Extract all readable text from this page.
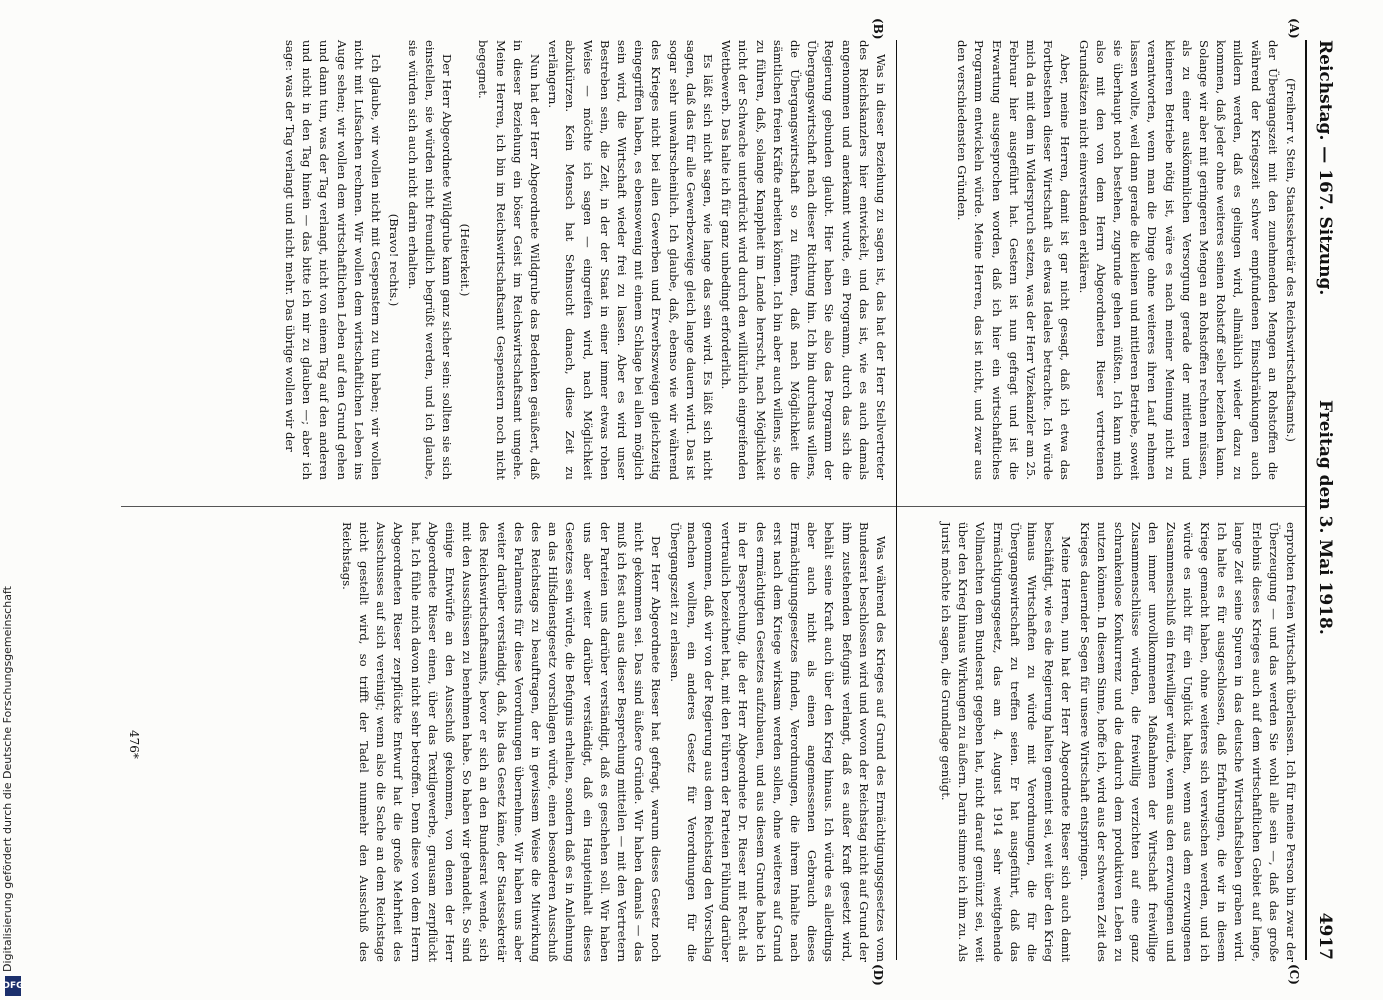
Digitalisierung gefördert durch die Deutsche Forschungsgemeinschaft
DFG
Reichstag. — 167. Sitzung.
Freitag den 3. Mai 1918.
4917
(A)
(B)
(C)
(D)

(Freiherr v. Stein, Staatssekretär des Reichswirtschaftsamts.)

der Übergangszeit mit den zunehmenden Mengen an Rohstoffen die während der Kriegszeit schwer empfundenen Einschränkungen auch mildern werden, daß es gelingen wird, allmählich wieder dazu zu kommen, daß jeder ohne weiteres seinen Rohstoff selber beziehen kann. Solange wir aber mit geringeren Mengen an Rohstoffen rechnen müssen, als zu einer auskömmlichen Versorgung gerade der mittleren und kleineren Betriebe nötig ist, wäre es nach meiner Meinung nicht zu verantworten, wenn man die Dinge ohne weiteres ihren Lauf nehmen lassen wollte, weil dann gerade die kleinen und mittleren Betriebe, soweit sie überhaupt noch bestehen, zugrunde gehen müßten. Ich kann mich also mit den von dem Herrn Abgeordneten Rieser vertretenen Grundsätzen nicht einverstanden erklären.

Aber, meine Herren, damit ist gar nicht gesagt, daß ich etwa das Fortbestehen dieser Wirtschaft als etwas Ideales betrachte. Ich würde mich da mit dem in Widerspruch setzen, was der Herr Vizekanzler am 25. Februar hier ausgeführt hat. Gestern ist nun gefragt und ist die Erwartung ausgesprochen worden, daß ich hier ein wirtschaftliches Programm entwickeln würde. Meine Herren, das ist nicht, und zwar aus den verschiedensten Gründen.

Was in dieser Beziehung zu sagen ist, das hat der Herr Stellvertreter des Reichskanzlers hier entwickelt, und das ist, wie es auch damals angenommen und anerkannt wurde, ein Programm, durch das sich die Regierung gebunden glaubt. Hier haben Sie also das Programm der Übergangswirtschaft nach dieser Richtung hin. Ich bin durchaus willens, die Übergangswirtschaft so zu führen, daß nach Möglichkeit die sämtlichen freien Kräfte arbeiten können. Ich bin aber auch willens, sie so zu führen, daß, solange Knappheit im Lande herrscht, nach Möglichkeit nicht der Schwache unterdrückt wird durch den willkürlich eingreifenden Wettbewerb. Das halte ich für ganz unbedingt erforderlich.

Es läßt sich nicht sagen, wie lange das sein wird. Es läßt sich nicht sagen, daß das für alle Gewerbezweige gleich lange dauern wird. Das ist sogar sehr unwahrscheinlich. Ich glaube, daß, ebenso wie wir während des Krieges nicht bei allen Gewerben und Erwerbszweigen gleichzeitig eingegriffen haben, es ebensowenig mit einem Schlage bei allen möglich sein wird, die Wirtschaft wieder frei zu lassen. Aber es wird unser Bestreben sein, die Zeit, in der der Staat in einer immer etwas rohen Weise — möchte ich sagen — eingreifen wird, nach Möglichkeit abzukürzen. Kein Mensch hat Sehnsucht danach, diese Zeit zu verlängern.

Nun hat der Herr Abgeordnete Wildgrube das Bedenken geäußert, daß in dieser Beziehung ein böser Geist im Reichswirtschaftsamt umgehe. Meine Herren, ich bin im Reichswirtschaftsamt Gespenstern noch nicht begegnet.

(Heiterkeit.)

Der Herr Abgeordnete Wildgrube kann ganz sicher sein: sollten sie sich einstellen, sie würden nicht freundlich begrüßt werden, und ich glaube, sie würden sich auch nicht darin erhalten.

(Bravo! rechts.)

Ich glaube, wir wollen nicht mit Gespenstern zu tun haben; wir wollen nicht mit Lufsachen rechnen. Wir wollen dem wirtschaftlichen Leben ins Auge sehen; wir wollen dem wirtschaftlichen Leben auf den Grund gehen und dann tun, was der Tag verlangt, nicht von einem Tag auf den anderen und nicht in den Tag hinein — das bitte ich mir zu glauben —; aber ich sage: was der Tag verlangt und nicht mehr. Das übrige wollen wir der

erprobten freien Wirtschaft überlassen. Ich für meine Person bin zwar der Überzeugung — und das werden Sie wohl alle sein —, daß das große Erlebnis dieses Krieges auch auf dem wirtschaftlichen Gebiet auf lange, lange Zeit seine Spuren in das deutsche Wirtschaftsleben graben wird. Ich halte es für ausgeschlossen, daß Erfahrungen, die wir in diesem Kriege gemacht haben, ohne weiteres sich verwischen werden, und ich würde es nicht für ein Unglück halten, wenn aus dem erzwungenen Zusammenschluß ein freiwilliger würde, wenn aus den erzwungenen und den immer unvollkommenen Maßnahmen der Wirtschaft freiwillige Zusammenschlüsse würden, die freiwillig verzichten auf eine ganz schrankenlose Konkurrenz und die dadurch dem produktiven Leben zu nutzen können. In diesem Sinne, hoffe ich, wird aus der schweren Zeit des Krieges dauernder Segen für unsere Wirtschaft entspringen.

Meine Herren, nun hat der Herr Abgeordnete Rieser sich auch damit beschäftigt, wie es die Regierung halten gemeint sei, weit über den Krieg hinaus Wirtschaften zu würde mit Verordnungen, die für die Übergangswirtschaft zu treffen seien. Er hat ausgeführt, daß das Ermächtigungsgesetz, das am 4. August 1914 sehr weitgehende Vollmachten dem Bundesrat gegeben hat, nicht darauf gemünzt sei, weit über den Krieg hinaus Wirkungen zu äußern. Darin stimme ich ihm zu. Als Jurist möchte ich sagen, die Grundlage genügt.

Was während des Krieges auf Grund des Ermächtigungsgesetzes vom Bundesrat beschlossen wird und wovon der Reichstag nicht auf Grund der ihm zustehenden Befugnis verlangt, daß es außer Kraft gesetzt wird, behält seine Kraft auch über den Krieg hinaus. Ich würde es allerdings aber auch nicht als einen angemessenen Gebrauch dieses Ermächtigungsgesetzes finden, Verordnungen, die ihrem Inhalte nach erst nach dem Kriege wirksam werden sollen, ohne weiteres auf Grund des ermächtigten Gesetzes aufzubauen, und aus diesem Grunde habe ich in der Besprechung, die der Herr Abgeordnete Dr. Rieser mit Recht als vertraulich bezeichnet hat, mit den Führern der Parteien Fühlung darüber genommen, daß wir von der Regierung aus dem Reichstag den Vorschlag machen wollten, ein anderes Gesetz für Verordnungen für die Übergangszeit zu erlassen.

Der Herr Abgeordnete Rieser hat gefragt, warum dieses Gesetz noch nicht gekommen sei. Das sind äußere Gründe. Wir haben damals — das muß ich fest auch aus dieser Besprechung mitteilen — mit den Vertretern der Parteien uns darüber verständigt, daß es geschehen soll. Wir haben uns aber weiter darüber verständigt, daß ein Haupteinhalt dieses Gesetzes sein würde, die Befugnis erhalten, sondern daß es in Anlehnung an das Hilfsdienstgesetz vorschlagen würde, einen besonderen Ausschuß des Reichstags zu beauftragen, der in gewissem Weise die Mitwirkung des Parlaments für diese Verordnungen übernehme. Wir haben uns aber weiter darüber verständigt, daß, bis das Gesetz käme, der Staatssekretär des Reichswirtschaftsamts, bevor er sich an den Bundesrat wende, sich mit den Ausschüssen zu benehmen habe. So haben wir gehandelt. So sind einige Entwürfe an den Ausschuß gekommen, von denen der Herr Abgeordnete Rieser einen, über das Textilgewerbe, grausam zerpflückt hat. Ich fühle mich davon nicht sehr betroffen. Denn diese von dem Herrn Abgeordneten Rieser zerpflückte Entwurf hat die große Mehrheit des Ausschusses auf sich vereinigt; wenn also die Sache an dem Reichstage nicht gestellt wird, so trifft der Tadel nunmehr den Ausschuß des Reichstags.

476*
